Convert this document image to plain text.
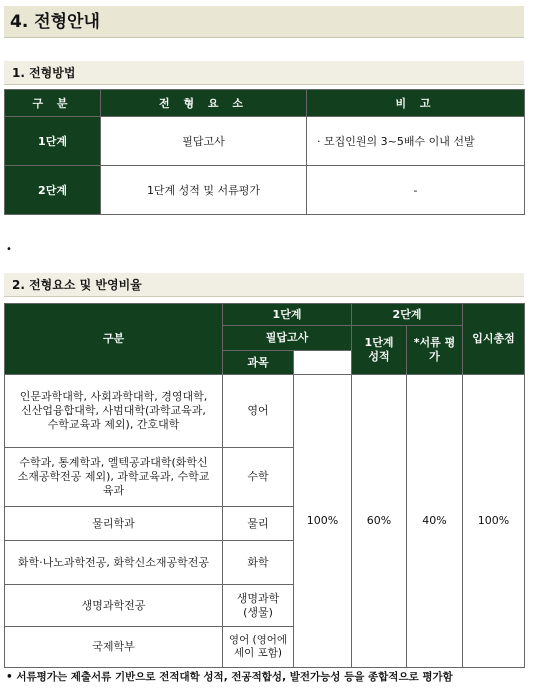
4. 전형안내
1. 전형방법
구 분	전 형 요 소	비 고
1단계	필답고사	· 모집인원의 3~5배수 이내 선발
2단계	1단계 성적 및 서류평가	-
•
2. 전형요소 및 반영비율
구분	1단계		2단계		입시총점
	필답고사		1단계 성적	*서류 평가	
	과목				
인문과학대학, 사회과학대학, 경영대학, 신산업융합대학, 사범대학(과학교육과, 수학교육과 제외), 간호대학	영어	100%	60%	40%	100%
수학과, 통계학과, 엘텍공과대학(화학신소재공학전공 제외), 과학교육과, 수학교육과	수학				
물리학과	물리				
화학·나노과학전공, 화학신소재공학전공	화학				
생명과학전공	생명과학 (생물)				
국제학부	영어 (영어에세이 포함)				
• 서류평가는 제출서류 기반으로 전적대학 성적, 전공적합성, 발전가능성 등을 종합적으로 평가함
